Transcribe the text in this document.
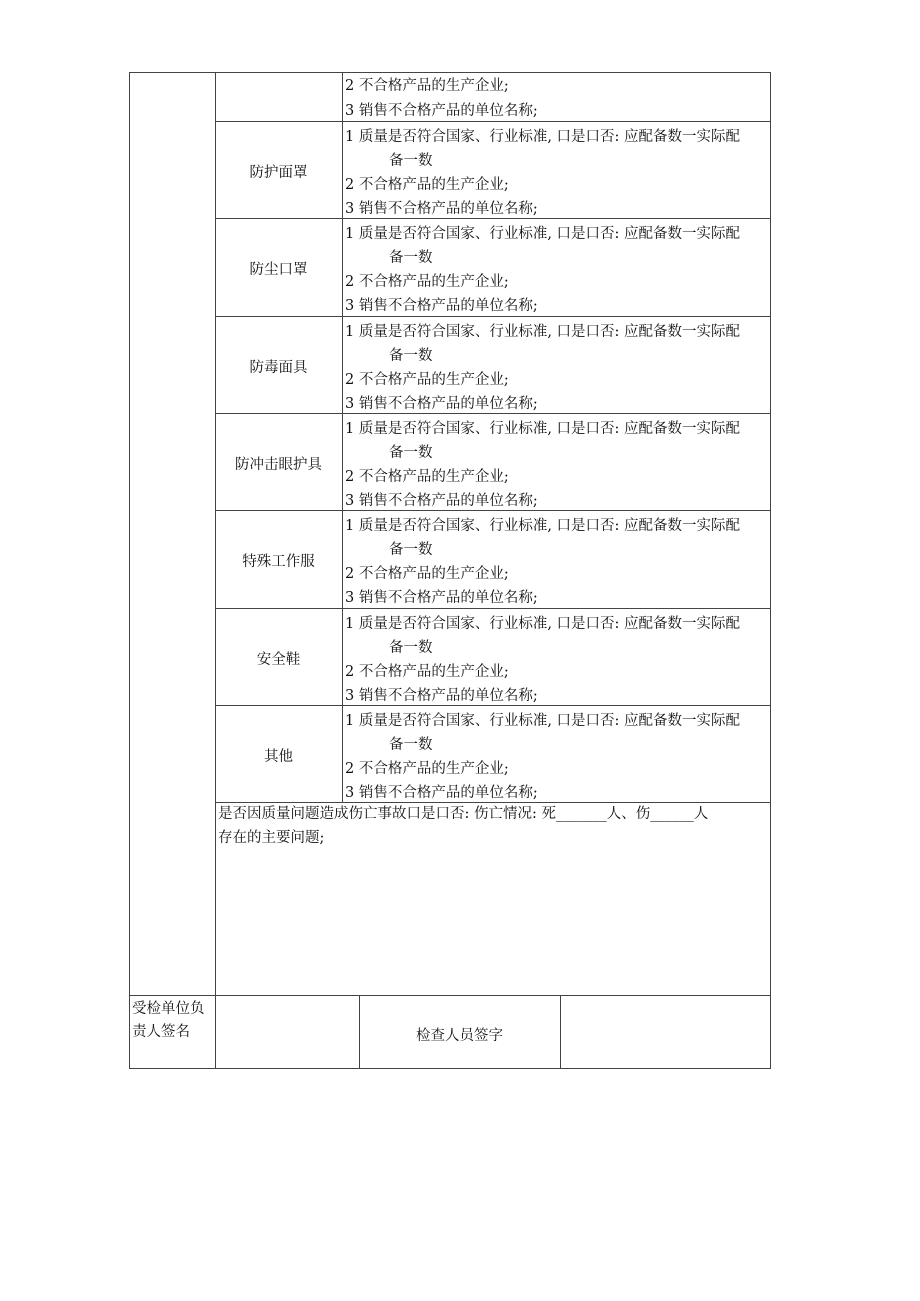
2 不合格产品的生产企业;
3 销售不合格产品的单位名称;
防护面罩
1 质量是否符合国家、行业标准, 口是口否: 应配备数一实际配
备一数
2 不合格产品的生产企业;
3 销售不合格产品的单位名称;
防尘口罩
1 质量是否符合国家、行业标准, 口是口否: 应配备数一实际配
备一数
2 不合格产品的生产企业;
3 销售不合格产品的单位名称;
防毒面具
1 质量是否符合国家、行业标准, 口是口否: 应配备数一实际配
备一数
2 不合格产品的生产企业;
3 销售不合格产品的单位名称;
防冲击眼护具
1 质量是否符合国家、行业标准, 口是口否: 应配备数一实际配
备一数
2 不合格产品的生产企业;
3 销售不合格产品的单位名称;
特殊工作服
1 质量是否符合国家、行业标准, 口是口否: 应配备数一实际配
备一数
2 不合格产品的生产企业;
3 销售不合格产品的单位名称;
安全鞋
1 质量是否符合国家、行业标准, 口是口否: 应配备数一实际配
备一数
2 不合格产品的生产企业;
3 销售不合格产品的单位名称;
其他
1 质量是否符合国家、行业标准, 口是口否: 应配备数一实际配
备一数
2 不合格产品的生产企业;
3 销售不合格产品的单位名称;
是否因质量问题造成伤亡事故口是口否: 伤亡情况: 死_______人、伤______人
存在的主要问题;
受检单位负责人签名	检查人员签字
